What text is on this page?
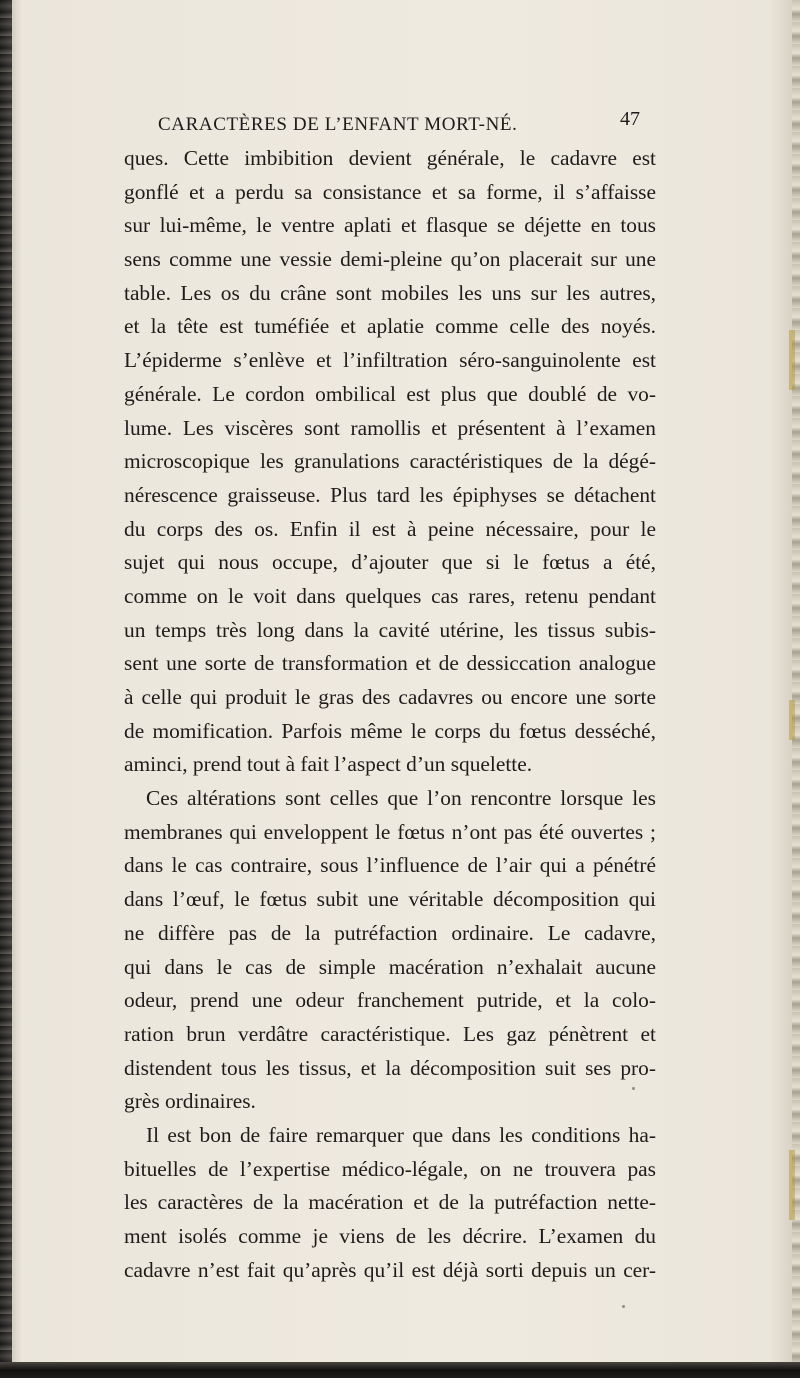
CARACTÈRES DE L’ENFANT MORT-NÉ.	47
ques. Cette imbibition devient générale, le cadavre est
gonflé et a perdu sa consistance et sa forme, il s’affaisse
sur lui-même, le ventre aplati et flasque se déjette en tous
sens comme une vessie demi-pleine qu’on placerait sur une
table. Les os du crâne sont mobiles les uns sur les autres,
et la tête est tuméfiée et aplatie comme celle des noyés.
L’épiderme s’enlève et l’infiltration séro-sanguinolente est
générale. Le cordon ombilical est plus que doublé de vo-
lume. Les viscères sont ramollis et présentent à l’examen
microscopique les granulations caractéristiques de la dégé-
nérescence graisseuse. Plus tard les épiphyses se détachent
du corps des os. Enfin il est à peine nécessaire, pour le
sujet qui nous occupe, d’ajouter que si le fœtus a été,
comme on le voit dans quelques cas rares, retenu pendant
un temps très long dans la cavité utérine, les tissus subis-
sent une sorte de transformation et de dessiccation analogue
à celle qui produit le gras des cadavres ou encore une sorte
de momification. Parfois même le corps du fœtus desséché,
aminci, prend tout à fait l’aspect d’un squelette.
Ces altérations sont celles que l’on rencontre lorsque les
membranes qui enveloppent le fœtus n’ont pas été ouvertes ;
dans le cas contraire, sous l’influence de l’air qui a pénétré
dans l’œuf, le fœtus subit une véritable décomposition qui
ne diffère pas de la putréfaction ordinaire. Le cadavre,
qui dans le cas de simple macération n’exhalait aucune
odeur, prend une odeur franchement putride, et la colo-
ration brun verdâtre caractéristique. Les gaz pénètrent et
distendent tous les tissus, et la décomposition suit ses pro-
grès ordinaires.
Il est bon de faire remarquer que dans les conditions ha-
bituelles de l’expertise médico-légale, on ne trouvera pas
les caractères de la macération et de la putréfaction nette-
ment isolés comme je viens de les décrire. L’examen du
cadavre n’est fait qu’après qu’il est déjà sorti depuis un cer-
